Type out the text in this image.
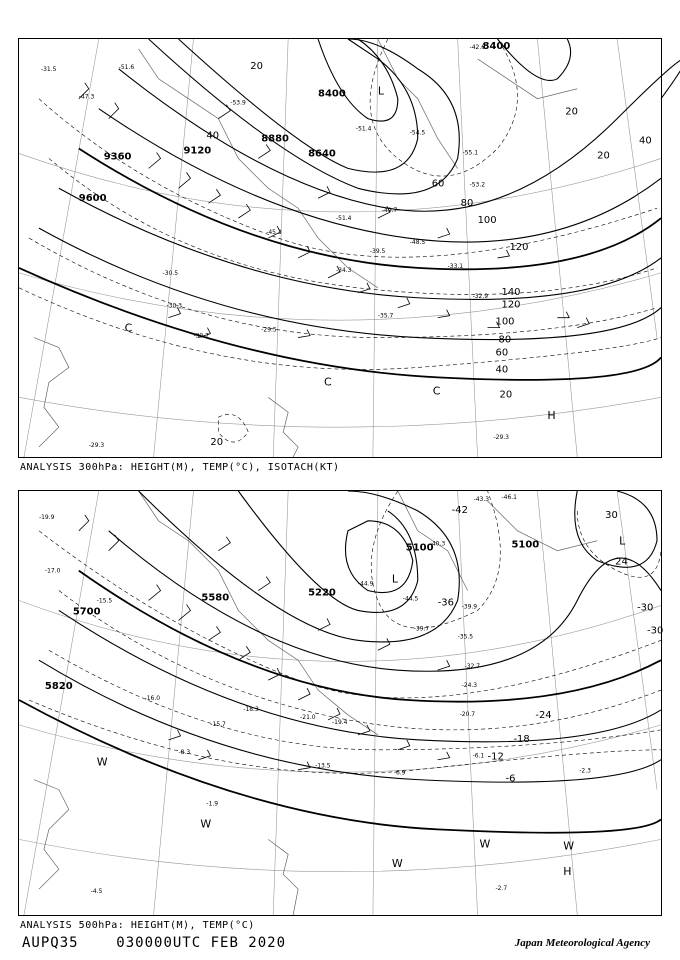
9600
9360
9120
8880
8640
8400
8400
20
40
60
80
100
120
140
120
100
80
60
40
20
20
40
20
20
L
C
C
C
H
-31.5	-51.6
-53.9
-51.4
-54.5
-55.1
-53.2
-51.4
-49.7
-48.5
-45.3
-39.5
-34.3
-30.5
-30.3
-30.7
-29.5
-29.3
-29.3
-33.1
-32.9
-35.7
-47.3
-42.6
ANALYSIS 300hPa: HEIGHT(M), TEMP(°C), ISOTACH(KT)
5820
5700
5580	5220
5100	5100
-42
-36	-30
-30
-24
-18
-12
-6
30
24
L
L
W
W
W
W	W
H
-19.9
-17.0
-15.5
-16.0
-18.3
-21.0
-19.4
-15.7
-13.5
-6.9	-2.3
-1.9
-4.5	-2.7
-43.3 -46.1
-39.9
-35.5
-32.7
-24.3
-20.7
-8.3
-6.1
-40.3
-44.9
-44.5
-39.7
ANALYSIS 500hPa: HEIGHT(M), TEMP(°C)
AUPQ35	030000UTC FEB 2020	Japan Meteorological Agency
